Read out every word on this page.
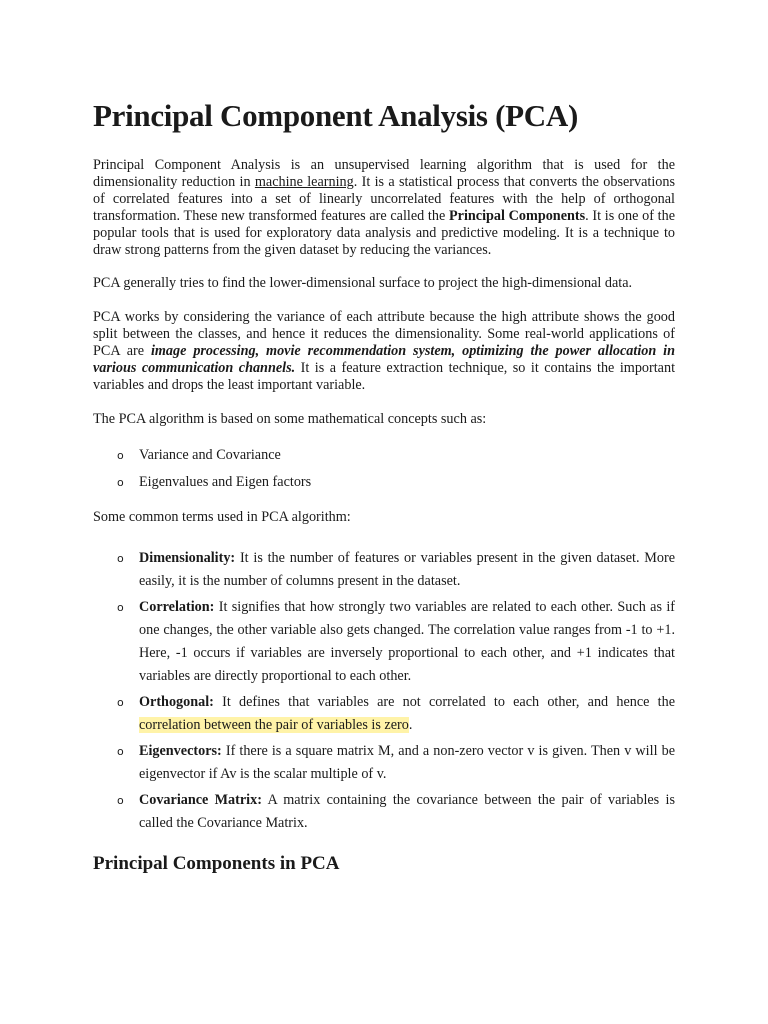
Principal Component Analysis (PCA)

Principal Component Analysis is an unsupervised learning algorithm that is used for the dimensionality reduction in machine learning. It is a statistical process that converts the observations of correlated features into a set of linearly uncorrelated features with the help of orthogonal transformation. These new transformed features are called the Principal Components. It is one of the popular tools that is used for exploratory data analysis and predictive modeling. It is a technique to draw strong patterns from the given dataset by reducing the variances.

PCA generally tries to find the lower-dimensional surface to project the high-dimensional data.

PCA works by considering the variance of each attribute because the high attribute shows the good split between the classes, and hence it reduces the dimensionality. Some real-world applications of PCA are image processing, movie recommendation system, optimizing the power allocation in various communication channels. It is a feature extraction technique, so it contains the important variables and drops the least important variable.

The PCA algorithm is based on some mathematical concepts such as:

o Variance and Covariance
o Eigenvalues and Eigen factors

Some common terms used in PCA algorithm:

o Dimensionality: It is the number of features or variables present in the given dataset. More easily, it is the number of columns present in the dataset.
o Correlation: It signifies that how strongly two variables are related to each other. Such as if one changes, the other variable also gets changed. The correlation value ranges from -1 to +1. Here, -1 occurs if variables are inversely proportional to each other, and +1 indicates that variables are directly proportional to each other.
o Orthogonal: It defines that variables are not correlated to each other, and hence the correlation between the pair of variables is zero.
o Eigenvectors: If there is a square matrix M, and a non-zero vector v is given. Then v will be eigenvector if Av is the scalar multiple of v.
o Covariance Matrix: A matrix containing the covariance between the pair of variables is called the Covariance Matrix.
Principal Components in PCA
